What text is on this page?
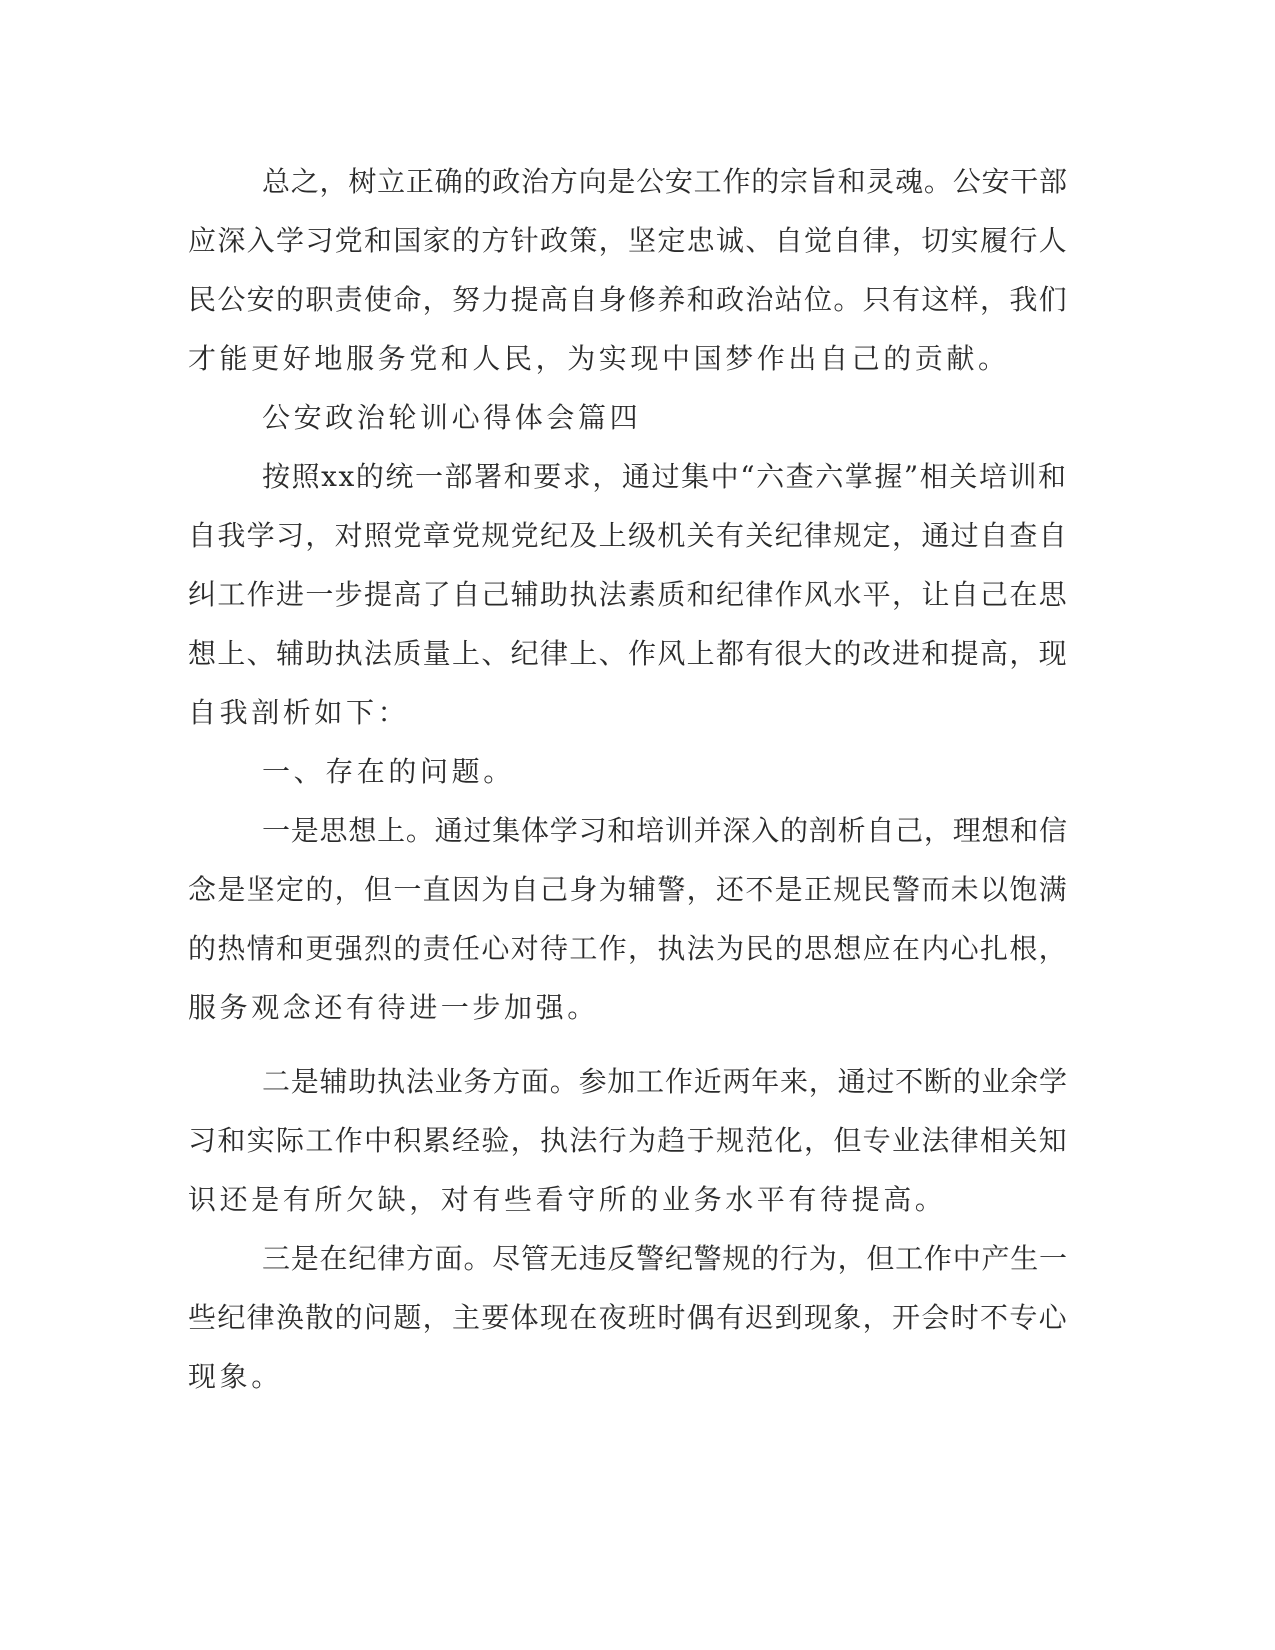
总之，树立正确的政治方向是公安工作的宗旨和灵魂。公安干部
应深入学习党和国家的方针政策，坚定忠诚、自觉自律，切实履行人
民公安的职责使命，努力提高自身修养和政治站位。只有这样，我们
才能更好地服务党和人民，为实现中国梦作出自己的贡献。
公安政治轮训心得体会篇四
按照xx的统一部署和要求，通过集中“六查六掌握”相关培训和
自我学习，对照党章党规党纪及上级机关有关纪律规定，通过自查自
纠工作进一步提高了自己辅助执法素质和纪律作风水平，让自己在思
想上、辅助执法质量上、纪律上、作风上都有很大的改进和提高，现
自我剖析如下：
一、存在的问题。
一是思想上。通过集体学习和培训并深入的剖析自己，理想和信
念是坚定的，但一直因为自己身为辅警，还不是正规民警而未以饱满
的热情和更强烈的责任心对待工作，执法为民的思想应在内心扎根，
服务观念还有待进一步加强。
二是辅助执法业务方面。参加工作近两年来，通过不断的业余学
习和实际工作中积累经验，执法行为趋于规范化，但专业法律相关知
识还是有所欠缺，对有些看守所的业务水平有待提高。
三是在纪律方面。尽管无违反警纪警规的行为，但工作中产生一
些纪律涣散的问题，主要体现在夜班时偶有迟到现象，开会时不专心
现象。
